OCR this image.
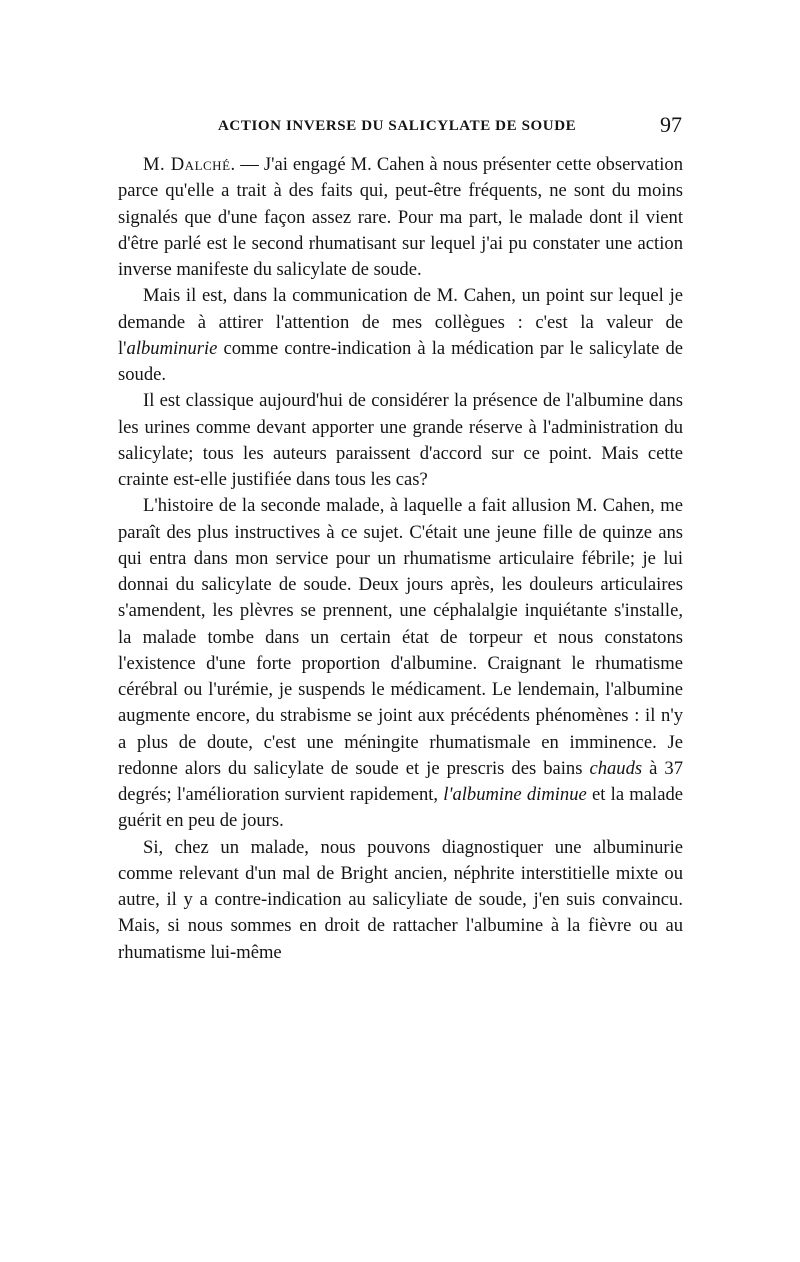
ACTION INVERSE DU SALICYLATE DE SOUDE	97

M. Dalché. — J'ai engagé M. Cahen à nous présenter cette observation parce qu'elle a trait à des faits qui, peut-être fréquents, ne sont du moins signalés que d'une façon assez rare. Pour ma part, le malade dont il vient d'être parlé est le second rhumatisant sur lequel j'ai pu constater une action inverse manifeste du salicylate de soude.

Mais il est, dans la communication de M. Cahen, un point sur lequel je demande à attirer l'attention de mes collègues : c'est la valeur de l'albuminurie comme contre-indication à la médication par le salicylate de soude.

Il est classique aujourd'hui de considérer la présence de l'albumine dans les urines comme devant apporter une grande réserve à l'administration du salicylate; tous les auteurs paraissent d'accord sur ce point. Mais cette crainte est-elle justifiée dans tous les cas?

L'histoire de la seconde malade, à laquelle a fait allusion M. Cahen, me paraît des plus instructives à ce sujet. C'était une jeune fille de quinze ans qui entra dans mon service pour un rhumatisme articulaire fébrile; je lui donnai du salicylate de soude. Deux jours après, les douleurs articulaires s'amendent, les plèvres se prennent, une céphalalgie inquiétante s'installe, la malade tombe dans un certain état de torpeur et nous constatons l'existence d'une forte proportion d'albumine. Craignant le rhumatisme cérébral ou l'urémie, je suspends le médicament. Le lendemain, l'albumine augmente encore, du strabisme se joint aux précédents phénomènes : il n'y a plus de doute, c'est une méningite rhumatismale en imminence. Je redonne alors du salicylate de soude et je prescris des bains chauds à 37 degrés; l'amélioration survient rapidement, l'albumine diminue et la malade guérit en peu de jours.

Si, chez un malade, nous pouvons diagnostiquer une albuminurie comme relevant d'un mal de Bright ancien, néphrite interstitielle mixte ou autre, il y a contre-indication au salicyliate de soude, j'en suis convaincu. Mais, si nous sommes en droit de rattacher l'albumine à la fièvre ou au rhumatisme lui-même
